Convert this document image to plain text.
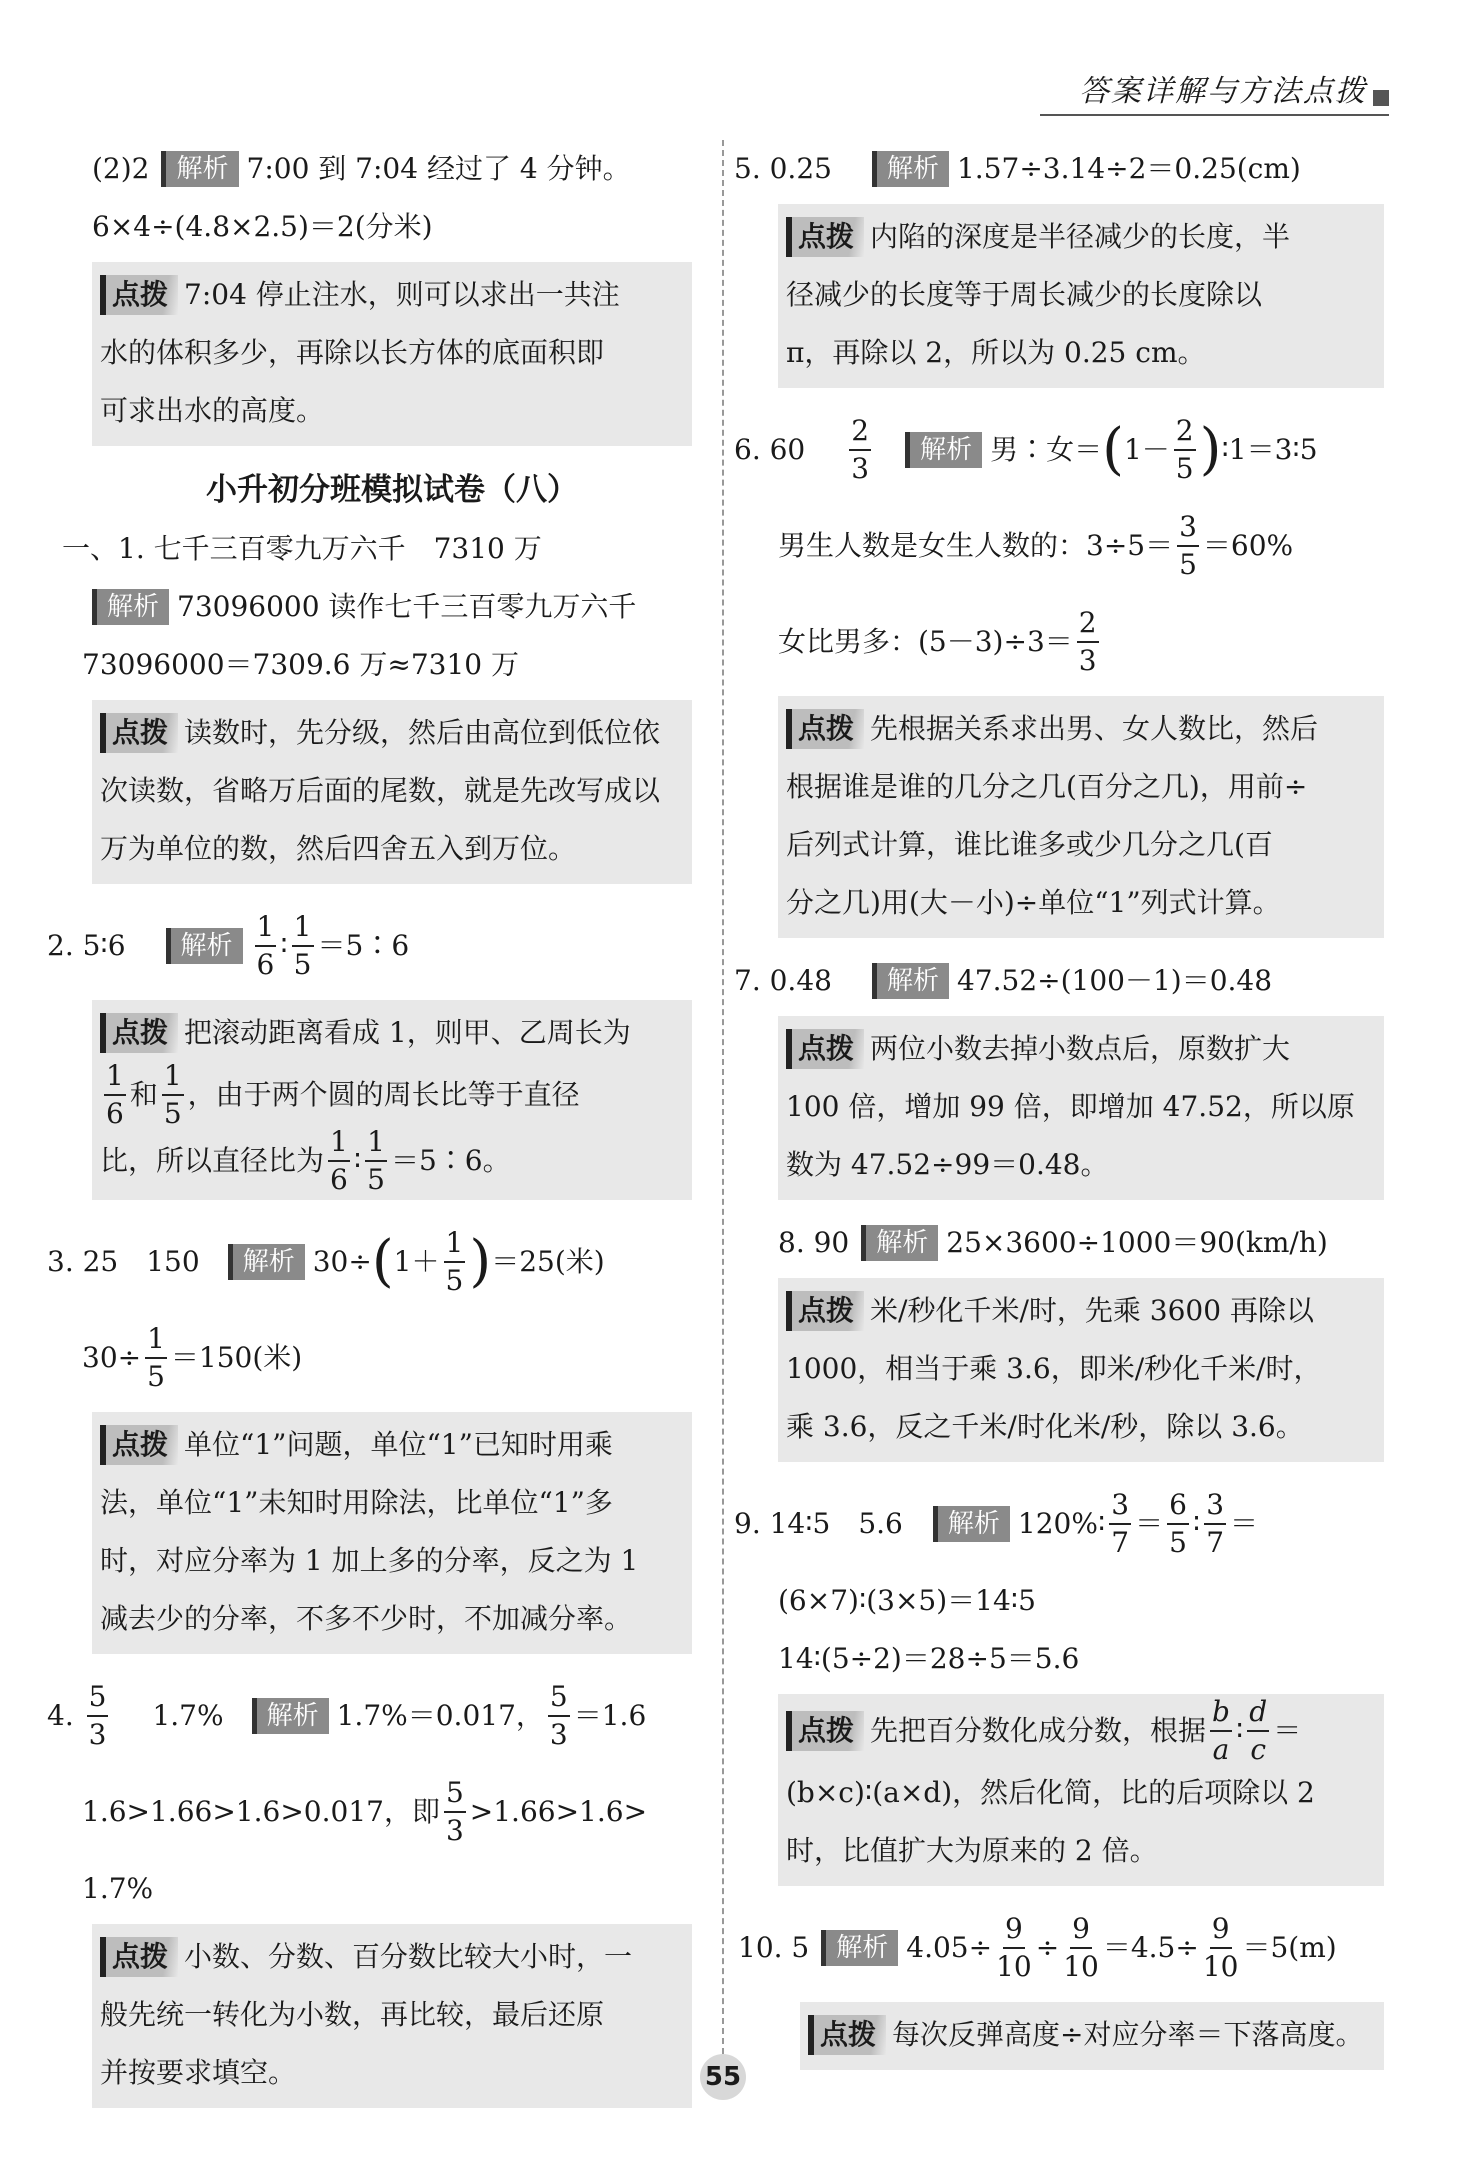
答案详解与方法点拨
(2)2	解析 7:00 到 7:04 经过了 4 分钟。
6×4÷(4.8×2.5)＝2(分米)
点拨 7:04 停止注水，则可以求出一共注
水的体积多少，再除以长方体的底面积即
可求出水的高度。
小升初分班模拟试卷（八）
一、1. 七千三百零九万六千　7310 万
解析 73096000 读作七千三百零九万六千
73096000＝7309.6 万≈7310 万
点拨 读数时，先分级，然后由高位到低位依
次读数，省略万后面的尾数，就是先改写成以
万为单位的数，然后四舍五入到万位。
2. 5∶6	解析 $\frac{1}{6}$ ∶ $\frac{1}{5}$ ＝5∶6
点拨 把滚动距离看成 1，则甲、乙周长为
$\frac{1}{6}$ 和 $\frac{1}{5}$ ，由于两个圆的周长比等于直径
比，所以直径比为 $\frac{1}{6}$ ∶ $\frac{1}{5}$ ＝5∶6。
3. 25　150	解析 30÷ ( $1+ \frac{1}{5}$ ) ＝25(米)
$30\div \frac{1}{5} =150$(米)
点拨 单位“1”问题，单位“1”已知时用乘
法，单位“1”未知时用除法，比单位“1”多
时，对应分率为 1 加上多的分率，反之为 1
减去少的分率，不多不少时，不加减分率。
4. $\frac{5}{3} 1.7\%$	解析 1.7%＝0.017， $\frac{5}{3} =1.6$
1.6>1.66>1.6>0.017，即 $\frac{5}{3} >1.66>1.6>$
1.7%
点拨 小数、分数、百分数比较大小时，一
般先统一转化为小数，再比较，最后还原
并按要求填空。
5. 0.25	解析 1.57÷3.14÷2＝0.25(cm)
点拨 内陷的深度是半径减少的长度，半
径减少的长度等于周长减少的长度除以
π，再除以 2，所以为 0.25 cm。
6. $60 \frac{2}{3}$	解析 男∶女＝ ( $1- \frac{2}{5}$ ) ∶1＝3∶5
男生人数是女生人数的：$3\div 5= \frac{3}{5} =60\%$
女比男多：$(5-3)\div 3= \frac{2}{3}$
点拨 先根据关系求出男、女人数比，然后
根据谁是谁的几分之几(百分之几)，用前÷
后列式计算，谁比谁多或少几分之几(百
分之几)用(大－小)÷单位“1”列式计算。
7. 0.48	解析 47.52÷(100－1)＝0.48
点拨 两位小数去掉小数点后，原数扩大
100 倍，增加 99 倍，即增加 47.52，所以原
数为 47.52÷99＝0.48。
8. 90	解析 25×3600÷1000＝90(km/h)
点拨 米/秒化千米/时，先乘 3600 再除以
1000，相当于乘 3.6，即米/秒化千米/时，
乘 3.6，反之千米/时化米/秒，除以 3.6。
9. 14∶5　5.6	解析 120%∶ $\frac{3}{7} = \frac{6}{5}$ ∶ $\frac{3}{7}$ ＝
(6×7)∶(3×5)＝14∶5
14∶(5÷2)＝28÷5＝5.6
点拨 先把百分数化成分数，根据 $\frac{b}{a}$ ∶ $\frac{d}{c}$ ＝
(b×c)∶(a×d)，然后化简，比的后项除以 2
时，比值扩大为原来的 2 倍。
10. 5	解析 $4.05\div \frac{9}{10} \div \frac{9}{10} =4.5\div \frac{9}{10} =5(m)$
点拨 每次反弹高度÷对应分率＝下落高度。
55
